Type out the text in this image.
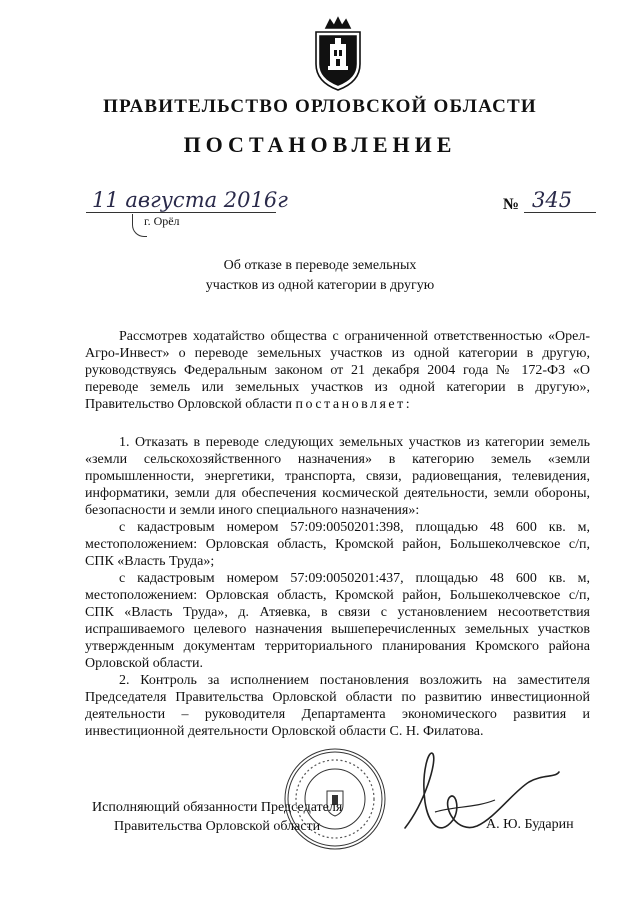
ПРАВИТЕЛЬСТВО ОРЛОВСКОЙ ОБЛАСТИ
ПОСТАНОВЛЕНИЕ
11 августа 2016г
г. Орёл
№ 345
Об отказе в переводе земельных
участков из одной категории в другую

Рассмотрев ходатайство общества с ограниченной ответственностью «Орел-Агро-Инвест» о переводе земельных участков из одной категории в другую, руководствуясь Федеральным законом от 21 декабря 2004 года № 172-ФЗ «О переводе земель или земельных участков из одной категории в другую», Правительство Орловской области постановляет:

1. Отказать в переводе следующих земельных участков из категории земель «земли сельскохозяйственного назначения» в категорию земель «земли промышленности, энергетики, транспорта, связи, радиовещания, телевидения, информатики, земли для обеспечения космической деятельности, земли обороны, безопасности и земли иного специального назначения»:

с кадастровым номером 57:09:0050201:398, площадью 48 600 кв. м, местоположением: Орловская область, Кромской район, Большеколчевское с/п, СПК «Власть Труда»;

с кадастровым номером 57:09:0050201:437, площадью 48 600 кв. м, местоположением: Орловская область, Кромской район, Большеколчевское с/п, СПК «Власть Труда», д. Атяевка, в связи с установлением несоответствия испрашиваемого целевого назначения вышеперечисленных земельных участков утвержденным документам территориального планирования Кромского района Орловской области.

2. Контроль за исполнением постановления возложить на заместителя Председателя Правительства Орловской области по развитию инвестиционной деятельности – руководителя Департамента экономического развития и инвестиционной деятельности Орловской области С. Н. Филатова.

Исполняющий обязанности Председателя
Правительства Орловской области	А. Ю. Бударин
